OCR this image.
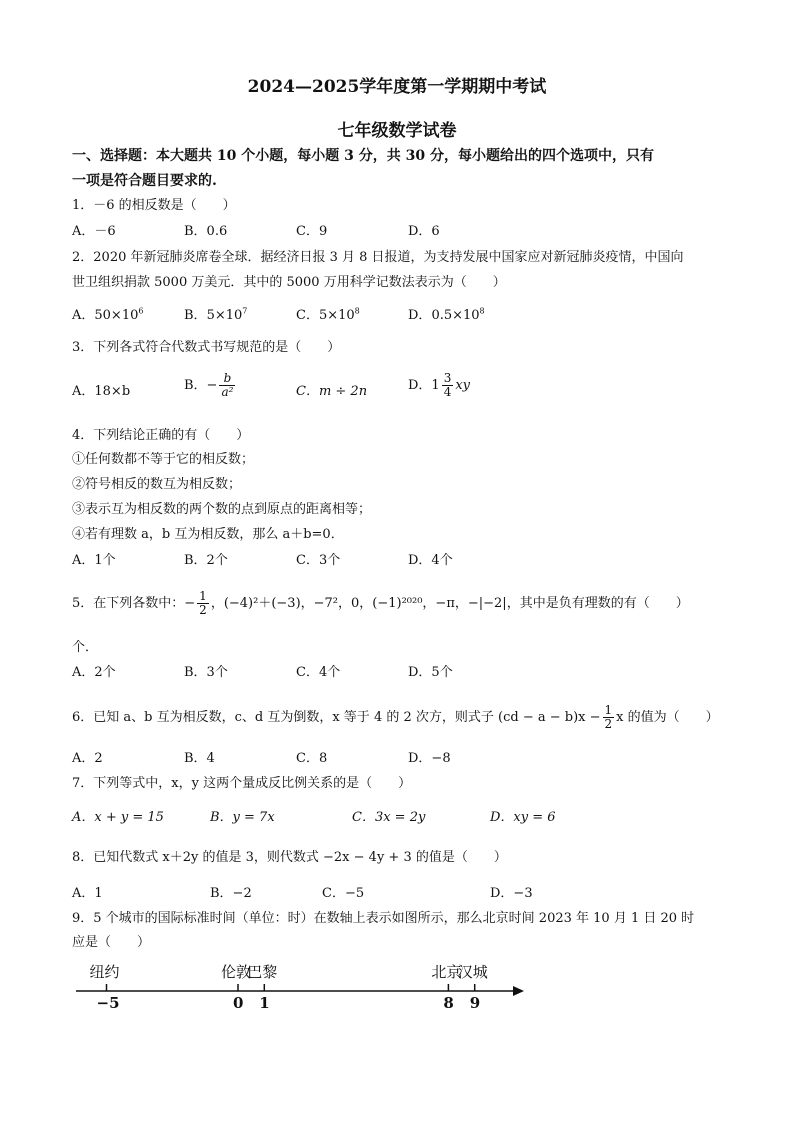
2024—2025学年度第一学期期中考试
七年级数学试卷
一、选择题：本大题共 10 个小题，每小题 3 分，共 30 分，每小题给出的四个选项中，只有
一项是符合题目要求的.
1．－6 的相反数是（　　）
A．－6	B．0.6	C．9	D．6
2．2020 年新冠肺炎席卷全球．据经济日报 3 月 8 日报道，为支持发展中国家应对新冠肺炎疫情，中国向
世卫组织捐款 5000 万美元．其中的 5000 万用科学记数法表示为（　　）
A．$50\times 10^6$	B．$5\times 10^7$	C．$5\times 10^8$	D．$0.5\times 10^8$
3．下列各式符合代数式书写规范的是（　　）
A．18×b	B．− $\frac{b}{\text{a²}}$	C．m ÷ 2n	D．$1 \frac{3}{4}$ xy
4．下列结论正确的有（　　）
①任何数都不等于它的相反数；
②符号相反的数互为相反数；
③表示互为相反数的两个数的点到原点的距离相等；
④若有理数 a，b 互为相反数，那么 a＋b=0．
A．1个	B．2个	C．3个	D．4个
5．在下列各数中：− $\frac{1}{2}$ ，(−4)²＋(−3)，−7²，0，(−1)²⁰²⁰，−π，−|−2|，其中是负有理数的有（　　）
个．
A．2个	B．3个	C．4个	D．5个
6．已知 a、b 互为相反数，c、d 互为倒数，x 等于 4 的 2 次方，则式子 $(cd - a - b)x - \frac{1}{2}$ x 的值为（　　）
A．2	B．4	C．8	D．−8
7．下列等式中，x，y 这两个量成反比例关系的是（　　）
A．x + y = 15	B．y = 7x	C．3x = 2y	D．xy = 6
8．已知代数式 x＋2y 的值是 3，则代数式 −2x − 4y + 3 的值是（　　）
A．1	B．−2	C．−5	D．−3
9．5 个城市的国际标准时间（单位：时）在数轴上表示如图所示，那么北京时间 2023 年 10 月 1 日 20 时
应是（　　）
纽约
−5
伦敦
0
巴黎
1
北京
8
汉城
9
